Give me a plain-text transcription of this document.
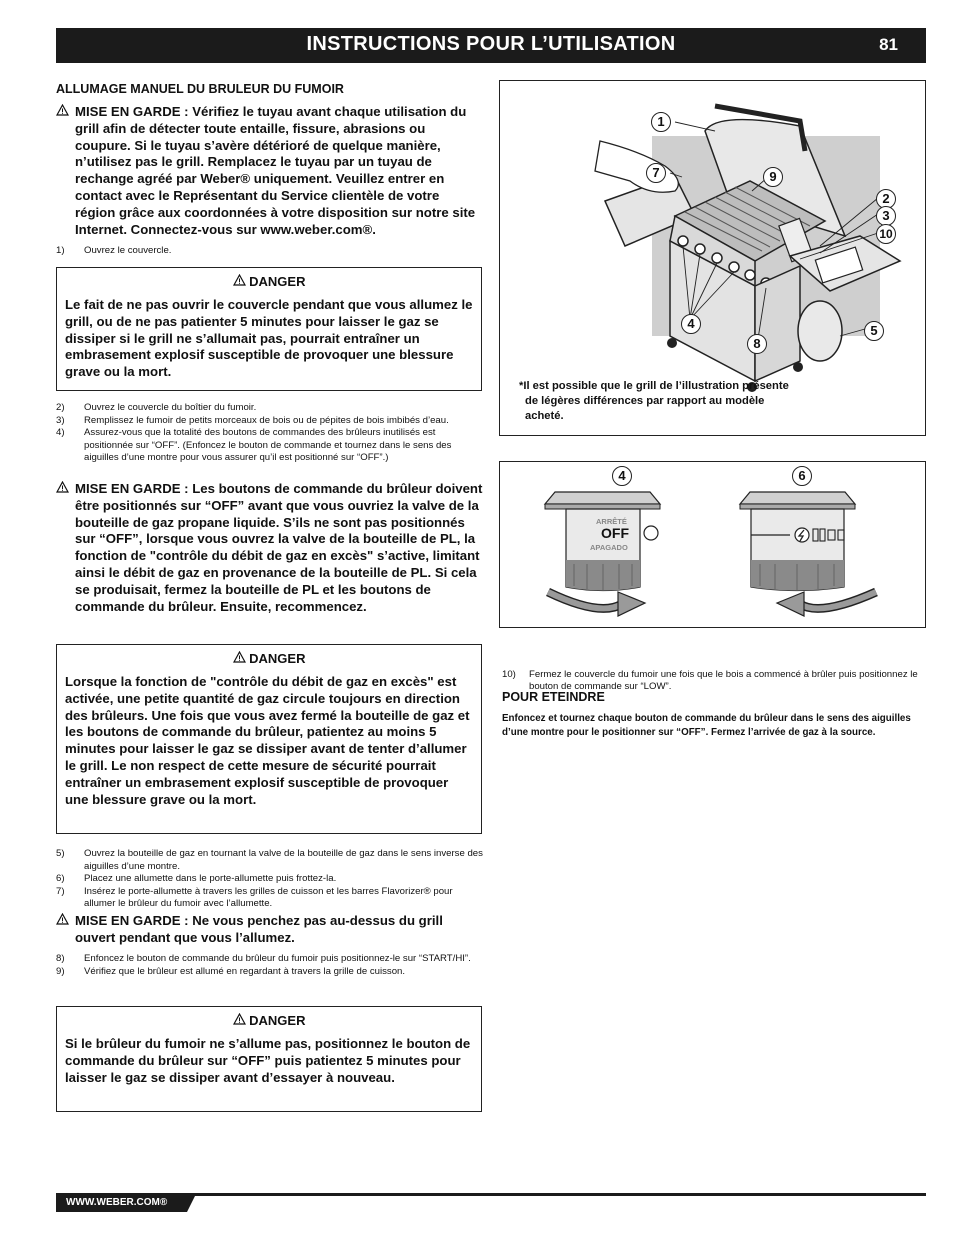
INSTRUCTIONS POUR L’UTILISATION	81
ALLUMAGE MANUEL DU BRULEUR DU FUMOIR
MISE EN GARDE : Vérifiez le tuyau avant chaque utilisation du grill afin de détecter toute entaille, fissure, abrasions ou coupure. Si le tuyau s’avère détérioré de quelque manière, n’utilisez pas le grill. Remplacez le tuyau par un tuyau de rechange agréé par Weber® uniquement. Veuillez entrer en contact avec le Représentant du Service clientèle de votre région grâce aux coordonnées à votre disposition sur notre site Internet. Connectez-vous sur www.weber.com®.
1) Ouvrez le couvercle.
DANGER
Le fait de ne pas ouvrir le couvercle pendant que vous allumez le grill, ou de ne pas patienter 5 minutes pour laisser le gaz se dissiper si le grill ne s’allumait pas, pourrait entraîner un embrasement explosif susceptible de provoquer une blessure grave ou la mort.
2) Ouvrez le couvercle du boîtier du fumoir.
3) Remplissez le fumoir de petits morceaux de bois ou de pépites de bois imbibés d’eau.
4) Assurez-vous que la totalité des boutons de commandes des brûleurs inutilisés est positionnée sur “OFF”. (Enfoncez le bouton de commande et tournez dans le sens des aiguilles d’une montre pour vous assurer qu’il est positionné sur “OFF”.)
MISE EN GARDE : Les boutons de commande du brûleur doivent être positionnés sur “OFF” avant que vous ouvriez la valve de la bouteille de gaz propane liquide. S’ils ne sont pas positionnés sur “OFF”, lorsque vous ouvrez la valve de la bouteille de PL, la fonction de "contrôle du débit de gaz en excès" s’active, limitant ainsi le débit de gaz en provenance de la bouteille de PL. Si cela se produisait, fermez la bouteille de PL et les boutons de commande du brûleur. Ensuite, recommencez.
DANGER
Lorsque la fonction de "contrôle du débit de gaz en excès" est activée, une petite quantité de gaz circule toujours en direction des brûleurs. Une fois que vous avez fermé la bouteille de gaz et les boutons de commande du brûleur, patientez au moins 5 minutes pour laisser le gaz se dissiper avant de tenter d’allumer le grill. Le non respect de cette mesure de sécurité pourrait entraîner un embrasement explosif susceptible de provoquer une blessure grave ou la mort.
5) Ouvrez la bouteille de gaz en tournant la valve de la bouteille de gaz dans le sens inverse des aiguilles d’une montre.
6) Placez une allumette dans le porte-allumette puis frottez-la.
7) Insérez le porte-allumette à travers les grilles de cuisson et les barres Flavorizer® pour allumer le brûleur du fumoir avec l’allumette.
MISE EN GARDE : Ne vous penchez pas au-dessus du grill ouvert pendant que vous l’allumez.
8) Enfoncez le bouton de commande du brûleur du fumoir puis positionnez-le sur “START/HI”.
9) Vérifiez que le brûleur est allumé en regardant à travers la grille de cuisson.
DANGER
Si le brûleur du fumoir ne s’allume pas, positionnez le bouton de commande du brûleur sur “OFF” puis patientez 5 minutes pour laisser le gaz se dissiper avant d’essayer à nouveau.
1
7	9
2
3
10
4
8
5
*Il est possible que le grill de l’illustration présente de légères différences par rapport au modèle acheté.
4	6
ARRÊTÉ
OFF
APAGADO
10) Fermez le couvercle du fumoir une fois que le bois a commencé à brûler puis positionnez le bouton de commande sur “LOW”.
POUR ETEINDRE
Enfoncez et tournez chaque bouton de commande du brûleur dans le sens des aiguilles d’une montre pour le positionner sur “OFF”. Fermez l’arrivée de gaz à la source.
WWW.WEBER.COM®
